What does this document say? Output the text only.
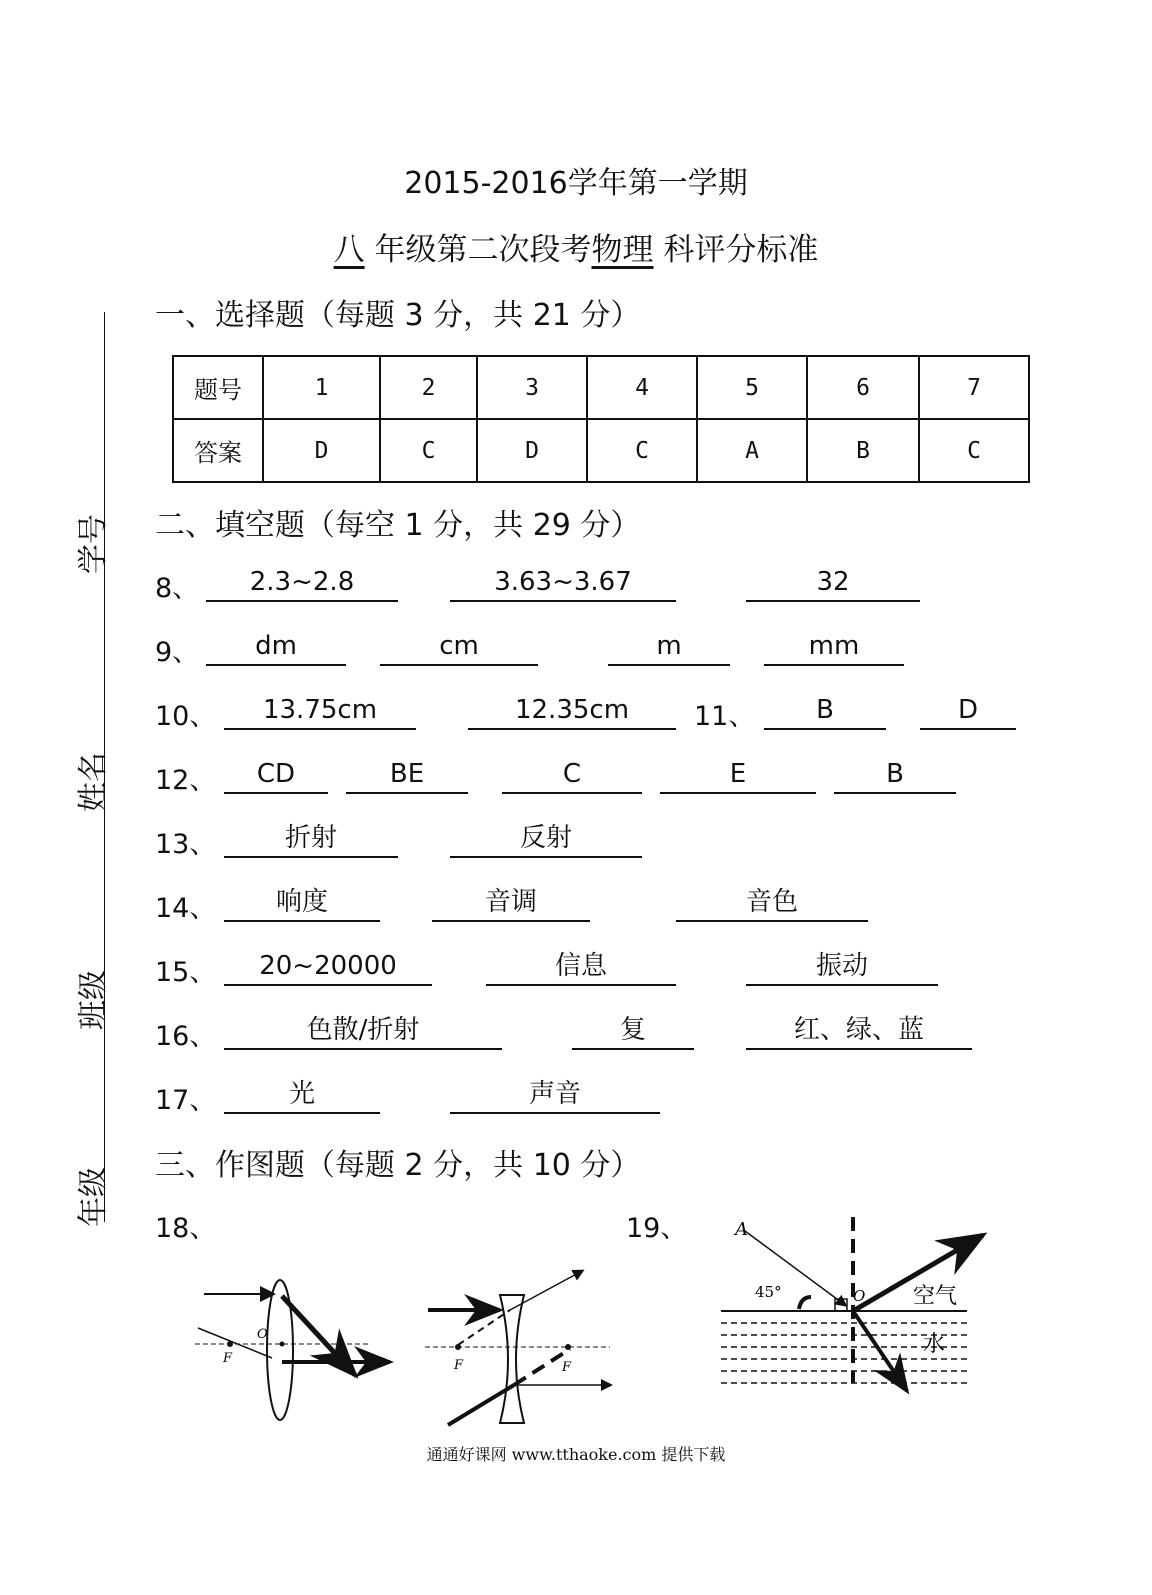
2015-2016学年第一学期
八 年级第二次段考物理 科评分标准
学号
姓名
班级
年级
一、选择题（每题 3 分，共 21 分）
题号	1	2	3	4	5	6	7
答案	D	C	D	C	A	B	C
二、填空题（每空 1 分，共 29 分）
8、	2.3~2.8	3.63~3.67	32
9、	dm	cm	m	mm
10、	13.75cm	12.35cm	11、	B	D
12、	CD	BE	C	E	B
13、	折射	反射
14、	响度	音调	音色
15、	20~20000	信息	振动
16、	色散/折射	复	红、绿、蓝
17、	光	声音
三、作图题（每题 2 分，共 10 分）
18、	19、
O
F	F	F
A
45°	O 空气
水
通通好课网 www.tthaoke.com 提供下载
